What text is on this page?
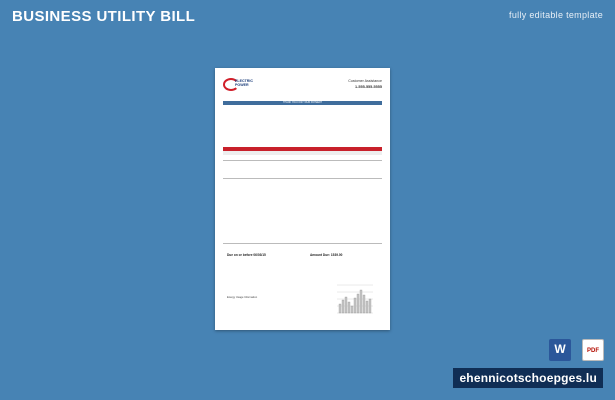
BUSINESS UTILITY BILL	fully editable template
ELECTRIC POWER
Customer Assistance
1-555-555-5555
THANK YOU FOR YOUR PAYMENT
Due on or before 06/03/15	Amount Due: 1539.00
Energy Usage Information
W	PDF
ehennicotschoepges.lu
